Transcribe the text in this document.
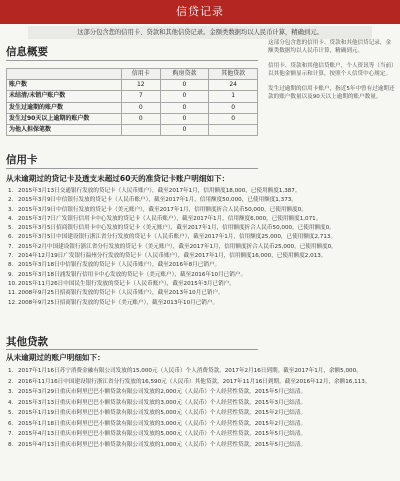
信贷记录
这部分包含您的信用卡、贷款和其他信贷记录。金额类数据均以人民币计算，精确到元。
信息概要
	信用卡	购房贷款	其他贷款
账户数	12	0	24
未结清/未销户账户数	7	0	1
发生过逾期的账户数	0	0	0
发生过90天以上逾期的账户数	0	0	0
为他人担保笔数		0	

这部分包含您的信用卡、贷款和其他信贷记录，金额类数据均以人民币计算，精确到元。

信用卡、贷款和其他信贷账户，个人资讯等（当前）以其他金额显示和计算，按照个人信贷中心规定。

发生过逾期的信用卡账户，指近5年中曾有过逾期还款的账户数量以及90天以上逾期的账户数量。

信用卡
从未逾期过的贷记卡及透支未超过60天的准贷记卡账户明细如下：
1. 2015年3月13日交通银行发放的贷记卡（人民币账户），截至2017年1月，信用额度18,000，已使用额度1,387。
2. 2015年3月9日中信银行发放的贷记卡（人民币账户），截至2017年1月，信用额度50,000，已使用额度1,373。
3. 2015年3月9日中信银行发放的贷记卡（美元账户），截至2017年1月，信用额度折合人民币50,000，已使用额度0。
4. 2015年3月7日广发银行信用卡中心发放的贷记卡（人民币账户），截至2017年1月，信用额度6,000，已使用额度1,071。
5. 2015年3月5日招商银行信用卡中心发放的贷记卡（美元账户），截至2017年1月，信用额度折合人民币50,000，已使用额度0。
6. 2015年3月5日中国建设银行浙江省分行发放的贷记卡（人民币账户），截至2017年1月，信用额度25,000，已使用额度2,713。
7. 2015年2月中国建设银行浙江省分行发放的贷记卡（美元账户），截至2017年1月，信用额度折合人民币25,000，已使用额度0。
7. 2014年12月19日广发银行温州分行发放的贷记卡（人民币账户），截至2017年1月，信用额度16,000，已使用额度2,013。
8. 2015年3月18日中信银行发放的贷记卡（人民币账户），截至2016年8月已销户。
9. 2015年3月18日浦发银行信用卡中心发放的贷记卡（美元账户），截至2016年10月已销户。
10. 2015年11月26日中国民生银行发放的贷记卡（人民币账户），截至2015年3月已销户。
11. 2008年9月25日招商银行发放的贷记卡（人民币账户），截至2013年10月已销户。
12. 2008年9月25日招商银行发放的贷记卡（美元账户），截至2013年10月已销户。
其他贷款
从未逾期过的账户明细如下：
1. 2017年1月16日苏宁消费金融有限公司发放的15,000元（人民币）个人消费贷款，2017年2月16日到期。截至2017年1月，余额5,000。
2. 2016年11月16日中国建设银行浙江省分行发放的16,590元（人民币）其他贷款，2017年11月16日到期。截至2016年12月，余额16,113。
3. 2015年3月29日重庆市阿里巴巴小额贷款有限公司发放的2,000元（人民币）个人经营性贷款，2015年5月已结清。
4. 2015年3月13日重庆市阿里巴巴小额贷款有限公司发放的3,000元（人民币）个人经营性贷款，2015年3月已结清。
5. 2015年1月19日重庆市阿里巴巴小额贷款有限公司发放的5,000元（人民币）个人经营性贷款，2015年2月已结清。
6. 2015年1月18日重庆市阿里巴巴小额贷款有限公司发放的3,000元（人民币）个人经营性贷款，2015年2月已结清。
7. 2015年4月13日重庆市阿里巴巴小额贷款有限公司发放的5,000元（人民币）个人经营性贷款，2015年5月已结清。
8. 2015年4月13日重庆市阿里巴巴小额贷款有限公司发放的1,000元（人民币）个人经营性贷款，2015年5月已结清。
